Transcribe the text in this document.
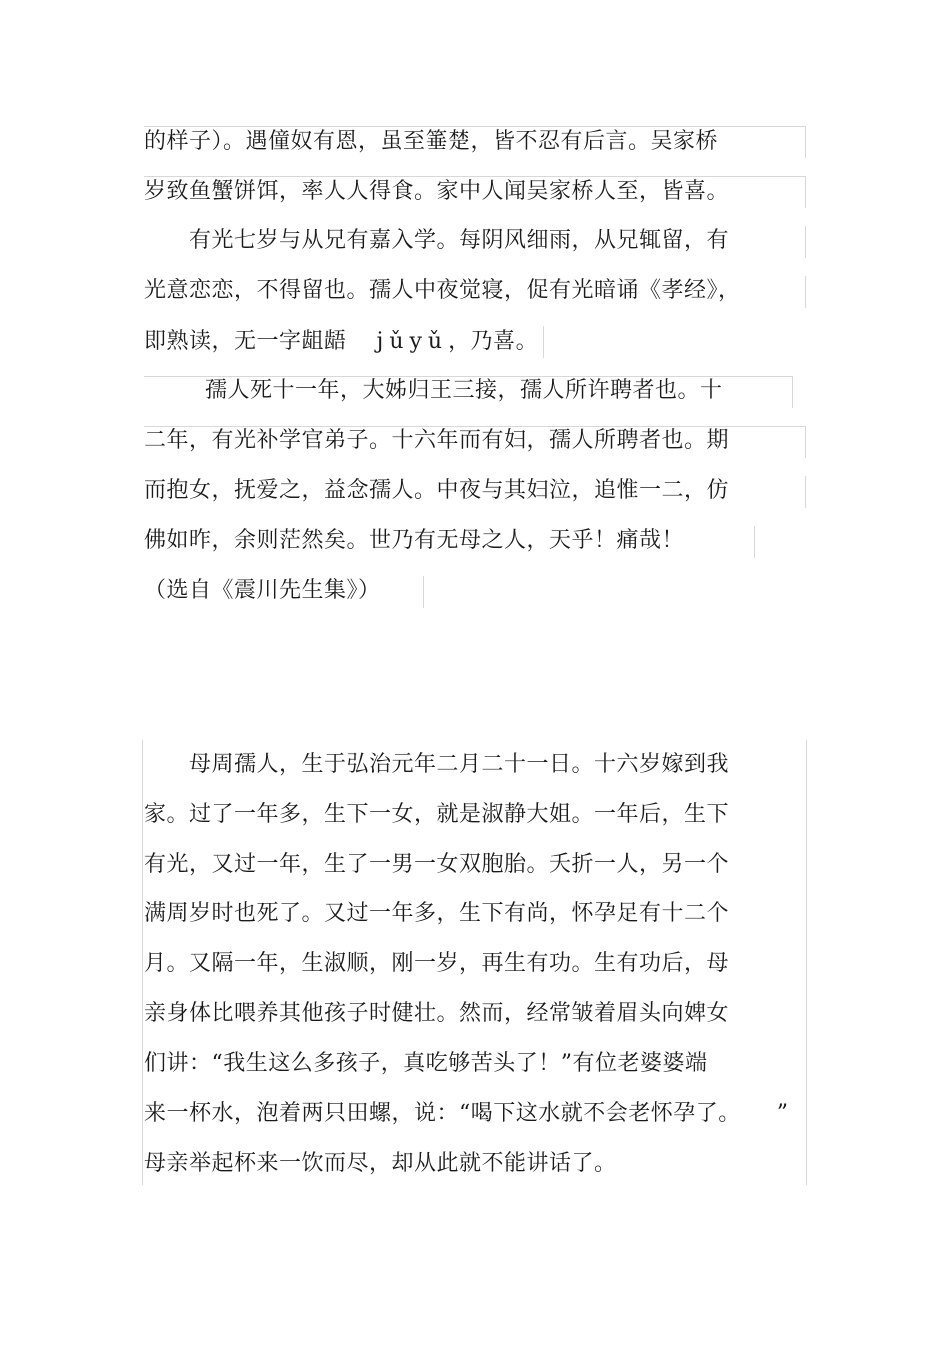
的样子）。遇僮奴有恩，虽至箠楚，皆不忍有后言。吴家桥
岁致鱼蟹饼饵，率人人得食。家中人闻吴家桥人至，皆喜。
　　有光七岁与从兄有嘉入学。每阴风细雨，从兄辄留，有
光意恋恋，不得留也。孺人中夜觉寝，促有光暗诵《孝经》，
即熟读，无一字龃龉 jǔyǔ，乃喜。
　　孺人死十一年，大姊归王三接，孺人所许聘者也。十
二年，有光补学官弟子。十六年而有妇，孺人所聘者也。期
而抱女，抚爱之，益念孺人。中夜与其妇泣，追惟一二，仿
佛如昨，余则茫然矣。世乃有无母之人，天乎！痛哉！
（选自《震川先生集》）
　　母周孺人，生于弘治元年二月二十一日。十六岁嫁到我
家。过了一年多，生下一女，就是淑静大姐。一年后，生下
有光，又过一年，生了一男一女双胞胎。夭折一人，另一个
满周岁时也死了。又过一年多，生下有尚，怀孕足有十二个
月。又隔一年，生淑顺，刚一岁，再生有功。生有功后，母
亲身体比喂养其他孩子时健壮。然而，经常皱着眉头向婢女
们讲：“我生这么多孩子，真吃够苦头了！”有位老婆婆端
来一杯水，泡着两只田螺，说：“喝下这水就不会老怀孕了。 ”
母亲举起杯来一饮而尽，却从此就不能讲话了。
